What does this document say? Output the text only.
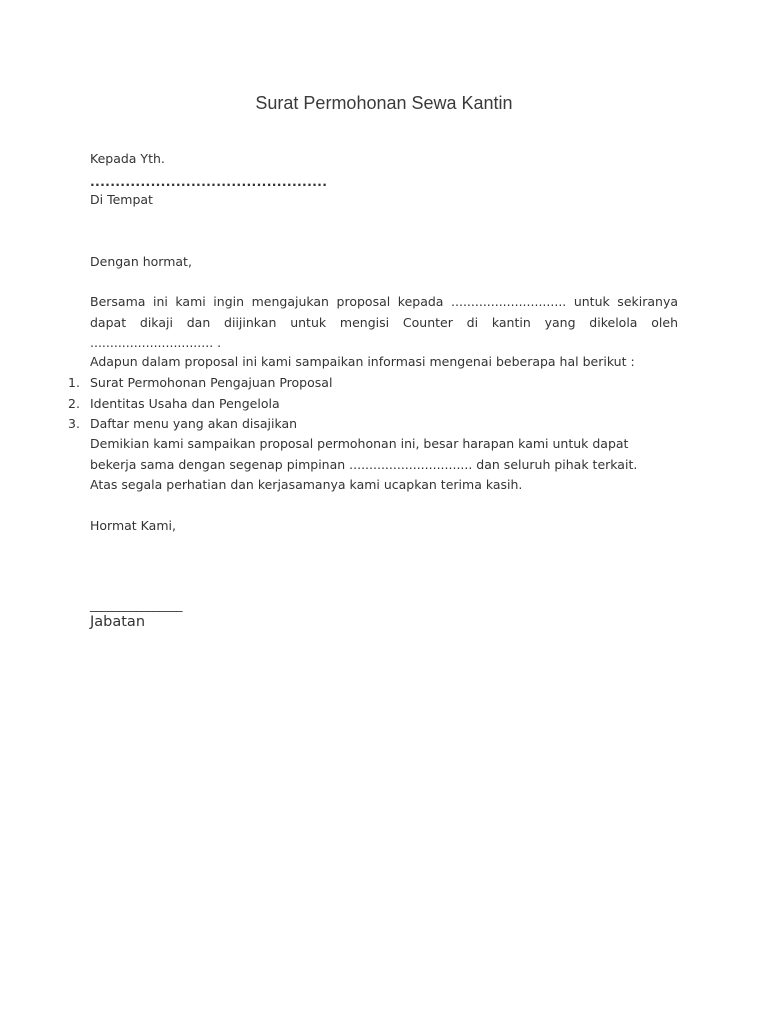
Surat Permohonan Sewa Kantin
Kepada Yth.
...............................................
Di Tempat
Dengan hormat,
Bersama ini kami ingin mengajukan proposal kepada ............................. untuk sekiranya dapat dikaji dan diijinkan untuk mengisi Counter di kantin yang dikelola oleh ............................... .
Adapun dalam proposal ini kami sampaikan informasi mengenai beberapa hal berikut :
1. Surat Permohonan Pengajuan Proposal
2. Identitas Usaha dan Pengelola
3. Daftar menu yang akan disajikan
Demikian kami sampaikan proposal permohonan ini, besar harapan kami untuk dapat bekerja sama dengan segenap pimpinan ............................... dan seluruh pihak terkait.
Atas segala perhatian dan kerjasamanya kami ucapkan terima kasih.
Hormat Kami,
________________
Jabatan
